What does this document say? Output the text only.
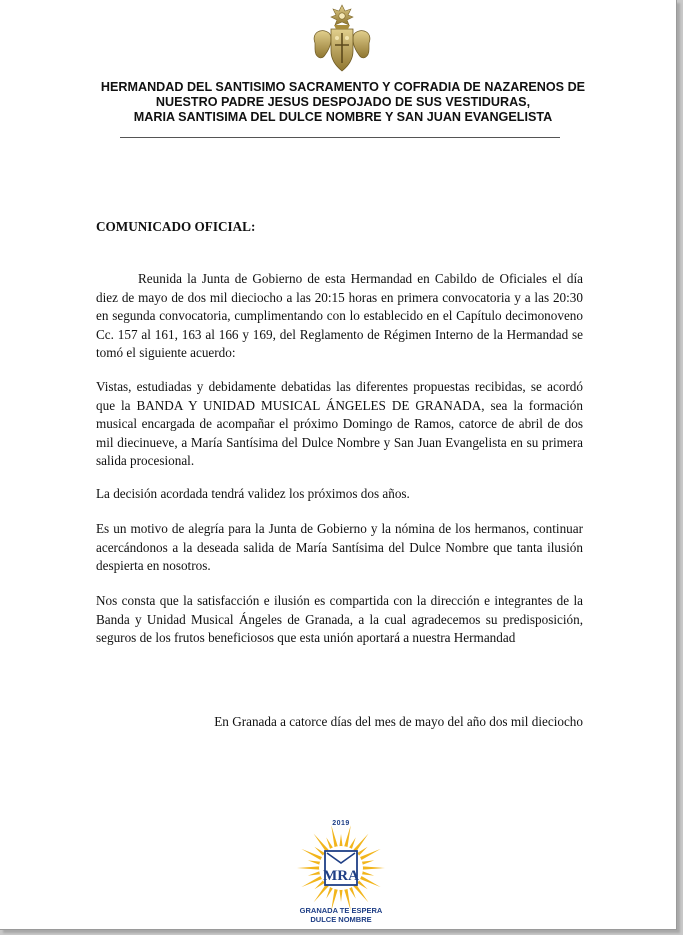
HERMANDAD DEL SANTISIMO SACRAMENTO Y COFRADIA DE NAZARENOS DE
NUESTRO PADRE JESUS DESPOJADO DE SUS VESTIDURAS,
MARIA SANTISIMA DEL DULCE NOMBRE Y SAN JUAN EVANGELISTA
COMUNICADO OFICIAL:

Reunida la Junta de Gobierno de esta Hermandad en Cabildo de Oficiales el día diez de mayo de dos mil dieciocho a las 20:15 horas en primera convocatoria y a las 20:30 en segunda convocatoria, cumplimentando con lo establecido en el Capítulo decimonoveno Cc. 157 al 161, 163 al 166 y 169, del Reglamento de Régimen Interno de la Hermandad se tomó el siguiente acuerdo:

Vistas, estudiadas y debidamente debatidas las diferentes propuestas recibidas, se acordó que la BANDA Y UNIDAD MUSICAL ÁNGELES DE GRANADA, sea la formación musical encargada de acompañar el próximo Domingo de Ramos, catorce de abril de dos mil diecinueve, a María Santísima del Dulce Nombre y San Juan Evangelista en su primera salida procesional.

La decisión acordada tendrá validez los próximos dos años.

Es un motivo de alegría para la Junta de Gobierno y la nómina de los hermanos, continuar acercándonos a la deseada salida de María Santísima del Dulce Nombre que tanta ilusión despierta en nosotros.

Nos consta que la satisfacción e ilusión es compartida con la dirección e integrantes de la Banda y Unidad Musical Ángeles de Granada, a la cual agradecemos su predisposición, seguros de los frutos beneficiosos que esta unión aportará a nuestra Hermandad

En Granada a catorce días del mes de mayo del año dos mil dieciocho
MRA
2019
GRANADA TE ESPERA
DULCE NOMBRE
